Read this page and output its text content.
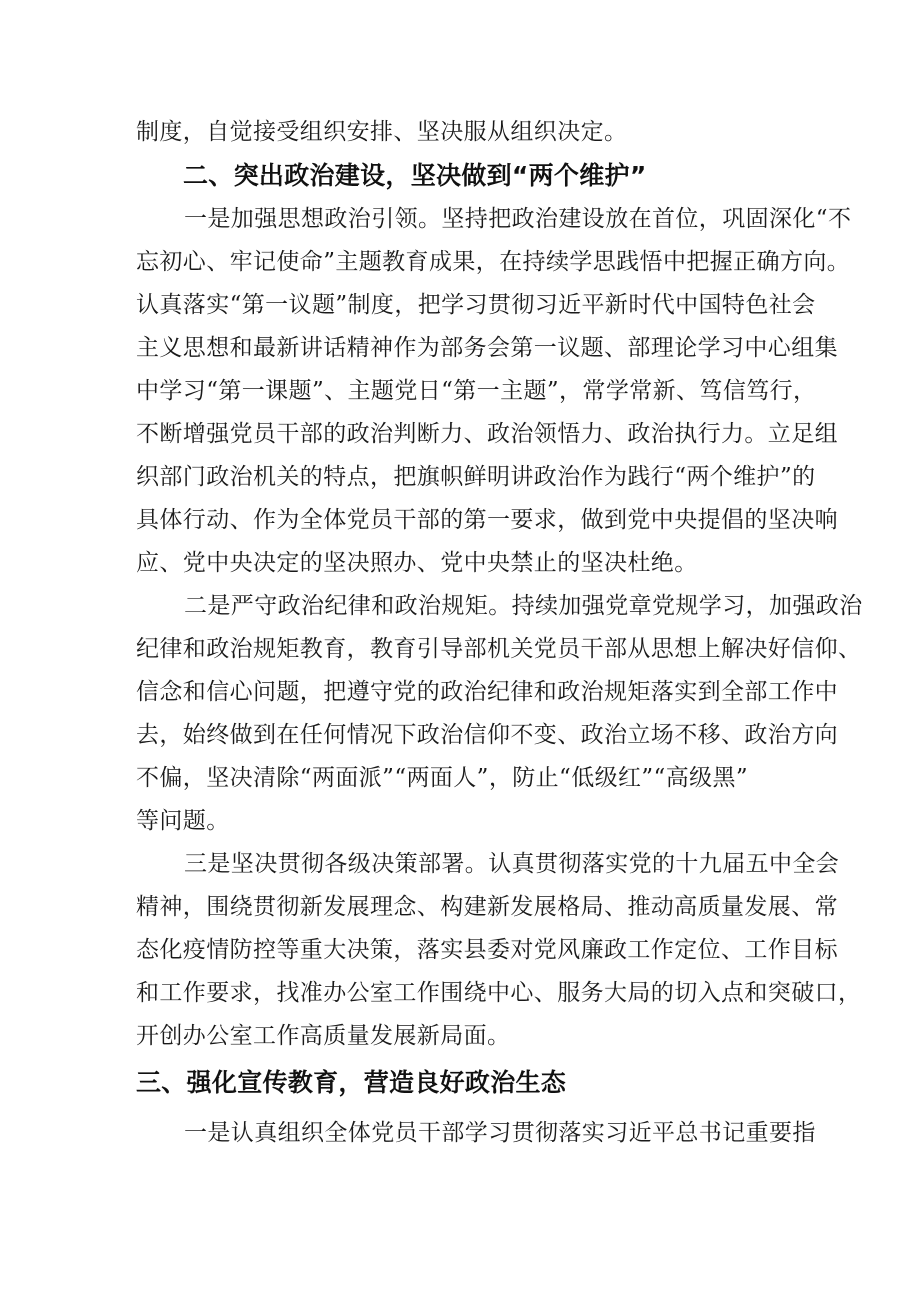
制度，自觉接受组织安排、坚决服从组织决定。
二、突出政治建设，坚决做到“两个维护”
一是加强思想政治引领。坚持把政治建设放在首位，巩固深化“不
忘初心、牢记使命”主题教育成果，在持续学思践悟中把握正确方向。
认真落实“第一议题”制度，把学习贯彻习近平新时代中国特色社会
主义思想和最新讲话精神作为部务会第一议题、部理论学习中心组集
中学习“第一课题”、主题党日“第一主题”，常学常新、笃信笃行，
不断增强党员干部的政治判断力、政治领悟力、政治执行力。立足组
织部门政治机关的特点，把旗帜鲜明讲政治作为践行“两个维护”的
具体行动、作为全体党员干部的第一要求，做到党中央提倡的坚决响
应、党中央决定的坚决照办、党中央禁止的坚决杜绝。
二是严守政治纪律和政治规矩。持续加强党章党规学习，加强政治
纪律和政治规矩教育，教育引导部机关党员干部从思想上解决好信仰、
信念和信心问题，把遵守党的政治纪律和政治规矩落实到全部工作中
去，始终做到在任何情况下政治信仰不变、政治立场不移、政治方向
不偏，坚决清除“两面派”“两面人”，防止“低级红”“高级黑”
等问题。
三是坚决贯彻各级决策部署。认真贯彻落实党的十九届五中全会
精神，围绕贯彻新发展理念、构建新发展格局、推动高质量发展、常
态化疫情防控等重大决策，落实县委对党风廉政工作定位、工作目标
和工作要求，找准办公室工作围绕中心、服务大局的切入点和突破口，
开创办公室工作高质量发展新局面。
三、强化宣传教育，营造良好政治生态
一是认真组织全体党员干部学习贯彻落实习近平总书记重要指
